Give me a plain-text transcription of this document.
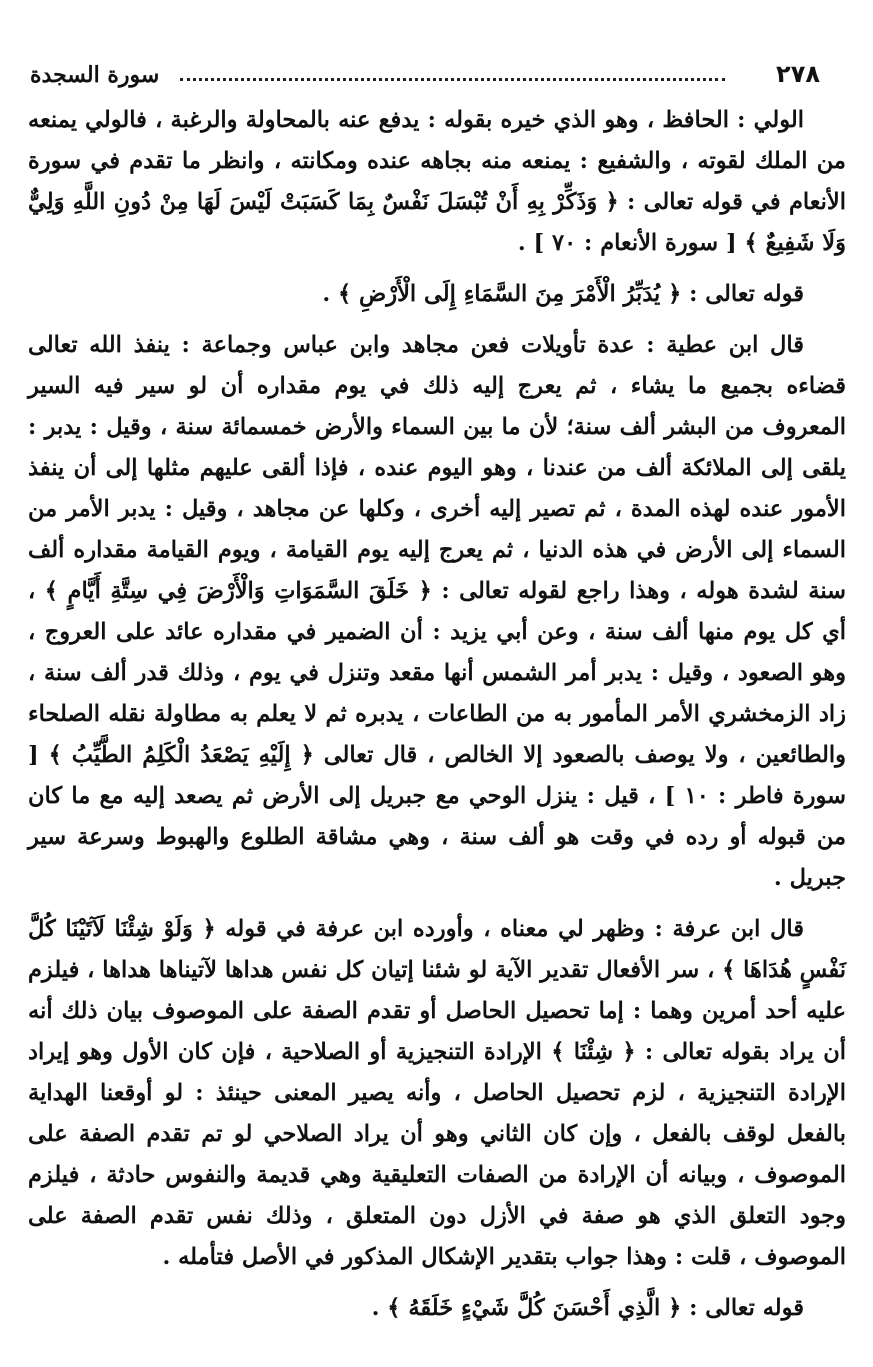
٢٧٨
سورة السجدة

الولي : الحافظ ، وهو الذي خيره بقوله : يدفع عنه بالمحاولة والرغبة ، فالولي يمنعه من الملك لقوته ، والشفيع : يمنعه منه بجاهه عنده ومكانته ، وانظر ما تقدم في سورة الأنعام في قوله تعالى : ﴿ وَذَكِّرْ بِهِ أَنْ تُبْسَلَ نَفْسٌ بِمَا كَسَبَتْ لَيْسَ لَهَا مِنْ دُونِ اللَّهِ وَلِيٌّ وَلَا شَفِيعٌ ﴾ [ سورة الأنعام : ٧٠ ] .

قوله تعالى : ﴿ يُدَبِّرُ الْأَمْرَ مِنَ السَّمَاءِ إِلَى الْأَرْضِ ﴾ .

قال ابن عطية : عدة تأويلات فعن مجاهد وابن عباس وجماعة : ينفذ الله تعالى قضاءه بجميع ما يشاء ، ثم يعرج إليه ذلك في يوم مقداره أن لو سير فيه السير المعروف من البشر ألف سنة؛ لأن ما بين السماء والأرض خمسمائة سنة ، وقيل : يدبر : يلقى إلى الملائكة ألف من عندنا ، وهو اليوم عنده ، فإذا ألقى عليهم مثلها إلى أن ينفذ الأمور عنده لهذه المدة ، ثم تصير إليه أخرى ، وكلها عن مجاهد ، وقيل : يدبر الأمر من السماء إلى الأرض في هذه الدنيا ، ثم يعرج إليه يوم القيامة ، ويوم القيامة مقداره ألف سنة لشدة هوله ، وهذا راجع لقوله تعالى : ﴿ خَلَقَ السَّمَوَاتِ وَالْأَرْضَ فِي سِتَّةِ أَيَّامٍ ﴾ ، أي كل يوم منها ألف سنة ، وعن أبي يزيد : أن الضمير في مقداره عائد على العروج ، وهو الصعود ، وقيل : يدبر أمر الشمس أنها مقعد وتنزل في يوم ، وذلك قدر ألف سنة ، زاد الزمخشري الأمر المأمور به من الطاعات ، يدبره ثم لا يعلم به مطاولة نقله الصلحاء والطائعين ، ولا يوصف بالصعود إلا الخالص ، قال تعالى ﴿ إِلَيْهِ يَصْعَدُ الْكَلِمُ الطَّيِّبُ ﴾ [ سورة فاطر : ١٠ ] ، قيل : ينزل الوحي مع جبريل إلى الأرض ثم يصعد إليه مع ما كان من قبوله أو رده في وقت هو ألف سنة ، وهي مشاقة الطلوع والهبوط وسرعة سير جبريل .

قال ابن عرفة : وظهر لي معناه ، وأورده ابن عرفة في قوله ﴿ وَلَوْ شِئْنَا لَآتَيْنَا كُلَّ نَفْسٍ هُدَاهَا ﴾ ، سر الأفعال تقدير الآية لو شئنا إتيان كل نفس هداها لآتيناها هداها ، فيلزم عليه أحد أمرين وهما : إما تحصيل الحاصل أو تقدم الصفة على الموصوف بيان ذلك أنه أن يراد بقوله تعالى : ﴿ شِئْنَا ﴾ الإرادة التنجيزية أو الصلاحية ، فإن كان الأول وهو إيراد الإرادة التنجيزية ، لزم تحصيل الحاصل ، وأنه يصير المعنى حينئذ : لو أوقعنا الهداية بالفعل لوقف بالفعل ، وإن كان الثاني وهو أن يراد الصلاحي لو تم تقدم الصفة على الموصوف ، وبيانه أن الإرادة من الصفات التعليقية وهي قديمة والنفوس حادثة ، فيلزم وجود التعلق الذي هو صفة في الأزل دون المتعلق ، وذلك نفس تقدم الصفة على الموصوف ، قلت : وهذا جواب بتقدير الإشكال المذكور في الأصل فتأمله .

قوله تعالى : ﴿ الَّذِي أَحْسَنَ كُلَّ شَيْءٍ خَلَقَهُ ﴾ .
